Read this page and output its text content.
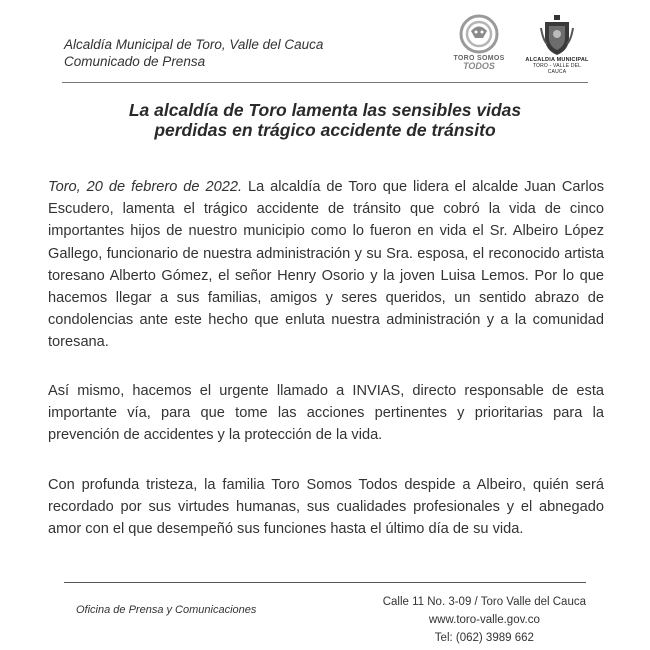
Alcaldía Municipal de Toro, Valle del Cauca
Comunicado de Prensa	TORO SOMOS
TODOS
ALCALDIA MUNICIPAL
TORO - VALLE DEL CAUCA
La alcaldía de Toro lamenta las sensibles vidas
perdidas en trágico accidente de tránsito
Toro, 20 de febrero de 2022. La alcaldía de Toro que lidera el alcalde Juan Carlos Escudero, lamenta el trágico accidente de tránsito que cobró la vida de cinco importantes hijos de nuestro municipio como lo fueron en vida el Sr. Albeiro López Gallego, funcionario de nuestra administración y su Sra. esposa, el reconocido artista toresano Alberto Gómez, el señor Henry Osorio y la joven Luisa Lemos. Por lo que hacemos llegar a sus familias, amigos y seres queridos, un sentido abrazo de condolencias ante este hecho que enluta nuestra administración y a la comunidad toresana.
Así mismo, hacemos el urgente llamado a INVIAS, directo responsable de esta importante vía, para que tome las acciones pertinentes y prioritarias para la prevención de accidentes y la protección de la vida.
Con profunda tristeza, la familia Toro Somos Todos despide a Albeiro, quién será recordado por sus virtudes humanas, sus cualidades profesionales y el abnegado amor con el que desempeñó sus funciones hasta el último día de su vida.
Oficina de Prensa y Comunicaciones
Calle 11 No. 3-09 / Toro Valle del Cauca
www.toro-valle.gov.co
Tel: (062) 3989 662
